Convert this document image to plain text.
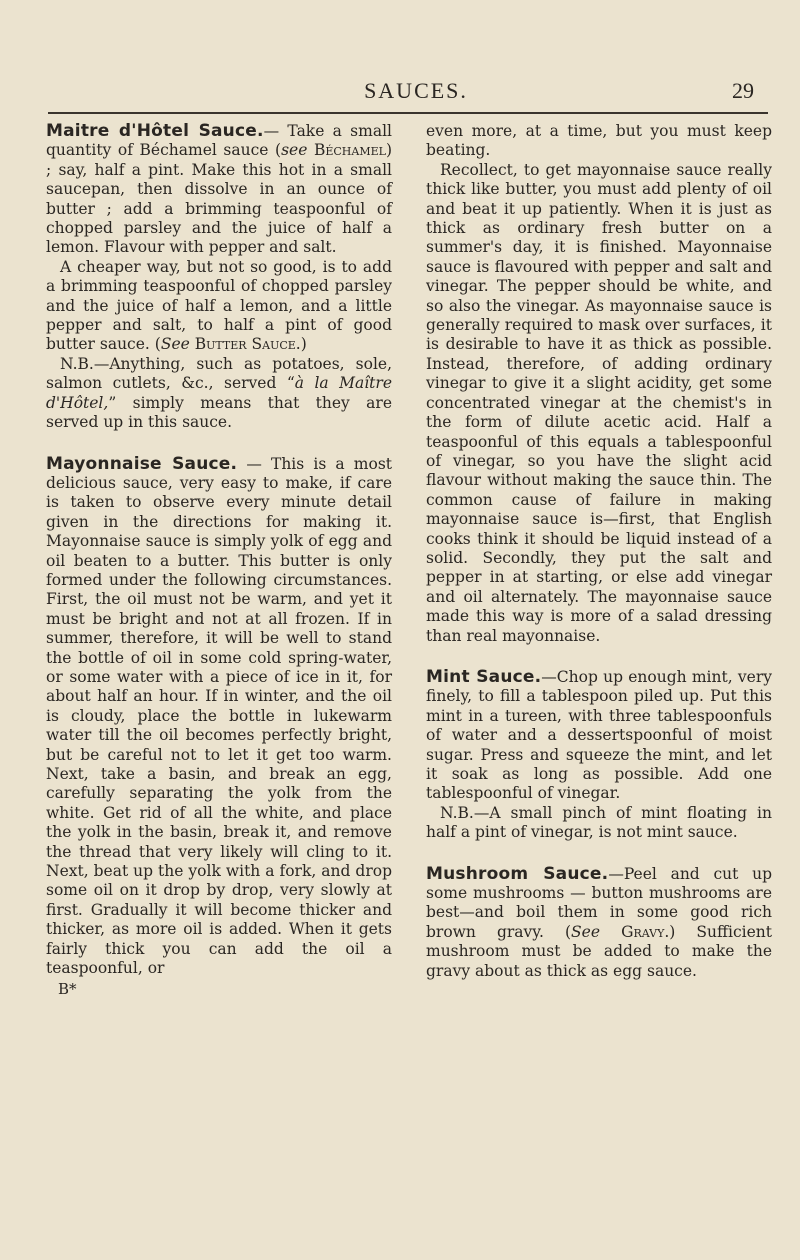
SAUCES.	29

Maitre d'Hôtel Sauce.— Take a small quantity of Béchamel sauce (see Béchamel) ; say, half a pint. Make this hot in a small saucepan, then dissolve in an ounce of butter ; add a brimming teaspoonful of chopped parsley and the juice of half a lemon. Flavour with pepper and salt.

A cheaper way, but not so good, is to add a brimming teaspoonful of chopped parsley and the juice of half a lemon, and a little pepper and salt, to half a pint of good butter sauce. (See Butter Sauce.)

N.B.—Anything, such as potatoes, sole, salmon cutlets, &c., served “à la Maître d'Hôtel,” simply means that they are served up in this sauce.

Mayonnaise Sauce. — This is a most delicious sauce, very easy to make, if care is taken to observe every minute detail given in the directions for making it. Mayonnaise sauce is simply yolk of egg and oil beaten to a butter. This butter is only formed under the following circumstances. First, the oil must not be warm, and yet it must be bright and not at all frozen. If in summer, therefore, it will be well to stand the bottle of oil in some cold spring-water, or some water with a piece of ice in it, for about half an hour. If in winter, and the oil is cloudy, place the bottle in lukewarm water till the oil becomes perfectly bright, but be careful not to let it get too warm. Next, take a basin, and break an egg, carefully separating the yolk from the white. Get rid of all the white, and place the yolk in the basin, break it, and remove the thread that very likely will cling to it. Next, beat up the yolk with a fork, and drop some oil on it drop by drop, very slowly at first. Gradually it will become thicker and thicker, as more oil is added. When it gets fairly thick you can add the oil a teaspoonful, or

B*

even more, at a time, but you must keep beating.

Recollect, to get mayonnaise sauce really thick like butter, you must add plenty of oil and beat it up patiently. When it is just as thick as ordinary fresh butter on a summer's day, it is finished. Mayonnaise sauce is flavoured with pepper and salt and vinegar. The pepper should be white, and so also the vinegar. As mayonnaise sauce is generally required to mask over surfaces, it is desirable to have it as thick as possible. Instead, therefore, of adding ordinary vinegar to give it a slight acidity, get some concentrated vinegar at the chemist's in the form of dilute acetic acid. Half a teaspoonful of this equals a tablespoonful of vinegar, so you have the slight acid flavour without making the sauce thin. The common cause of failure in making mayonnaise sauce is—first, that English cooks think it should be liquid instead of a solid. Secondly, they put the salt and pepper in at starting, or else add vinegar and oil alternately. The mayonnaise sauce made this way is more of a salad dressing than real mayonnaise.

Mint Sauce.—Chop up enough mint, very finely, to fill a tablespoon piled up. Put this mint in a tureen, with three tablespoonfuls of water and a dessertspoonful of moist sugar. Press and squeeze the mint, and let it soak as long as possible. Add one tablespoonful of vinegar.

N.B.—A small pinch of mint floating in half a pint of vinegar, is not mint sauce.

Mushroom Sauce.—Peel and cut up some mushrooms — button mushrooms are best—and boil them in some good rich brown gravy. (See Gravy.) Sufficient mushroom must be added to make the gravy about as thick as egg sauce.
